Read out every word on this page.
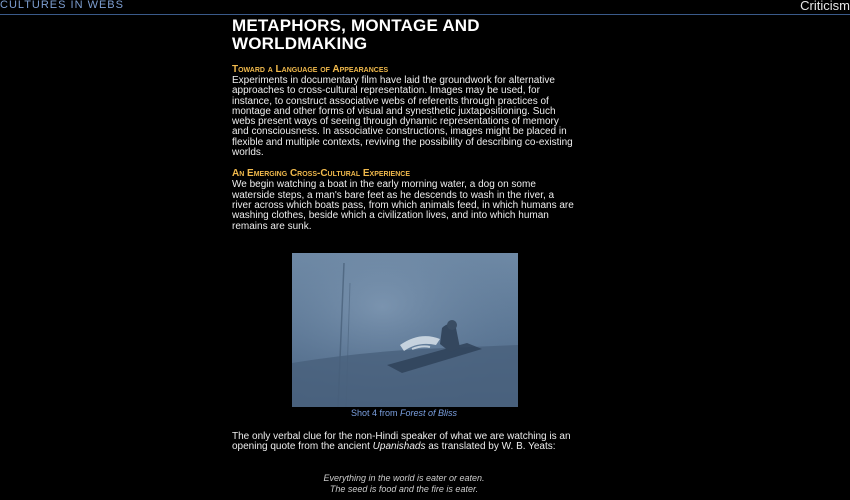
CULTURES IN WEBS	Criticism
METAPHORS, MONTAGE AND WORLDMAKING
Toward a Language of Appearances

Experiments in documentary film have laid the groundwork for alternative approaches to cross-cultural representation. Images may be used, for instance, to construct associative webs of referents through practices of montage and other forms of visual and synesthetic juxtapositioning. Such webs present ways of seeing through dynamic representations of memory and consciousness. In associative constructions, images might be placed in flexible and multiple contexts, reviving the possibility of describing co-existing worlds.

An Emerging Cross-Cultural Experience

We begin watching a boat in the early morning water, a dog on some waterside steps, a man's bare feet as he descends to wash in the river, a river across which boats pass, from which animals feed, in which humans are washing clothes, beside which a civilization lives, and into which human remains are sunk.

Shot 4 from Forest of Bliss

The only verbal clue for the non-Hindi speaker of what we are watching is an opening quote from the ancient Upanishads as translated by W. B. Yeats:

Everything in the world is eater or eaten.
The seed is food and the fire is eater.
